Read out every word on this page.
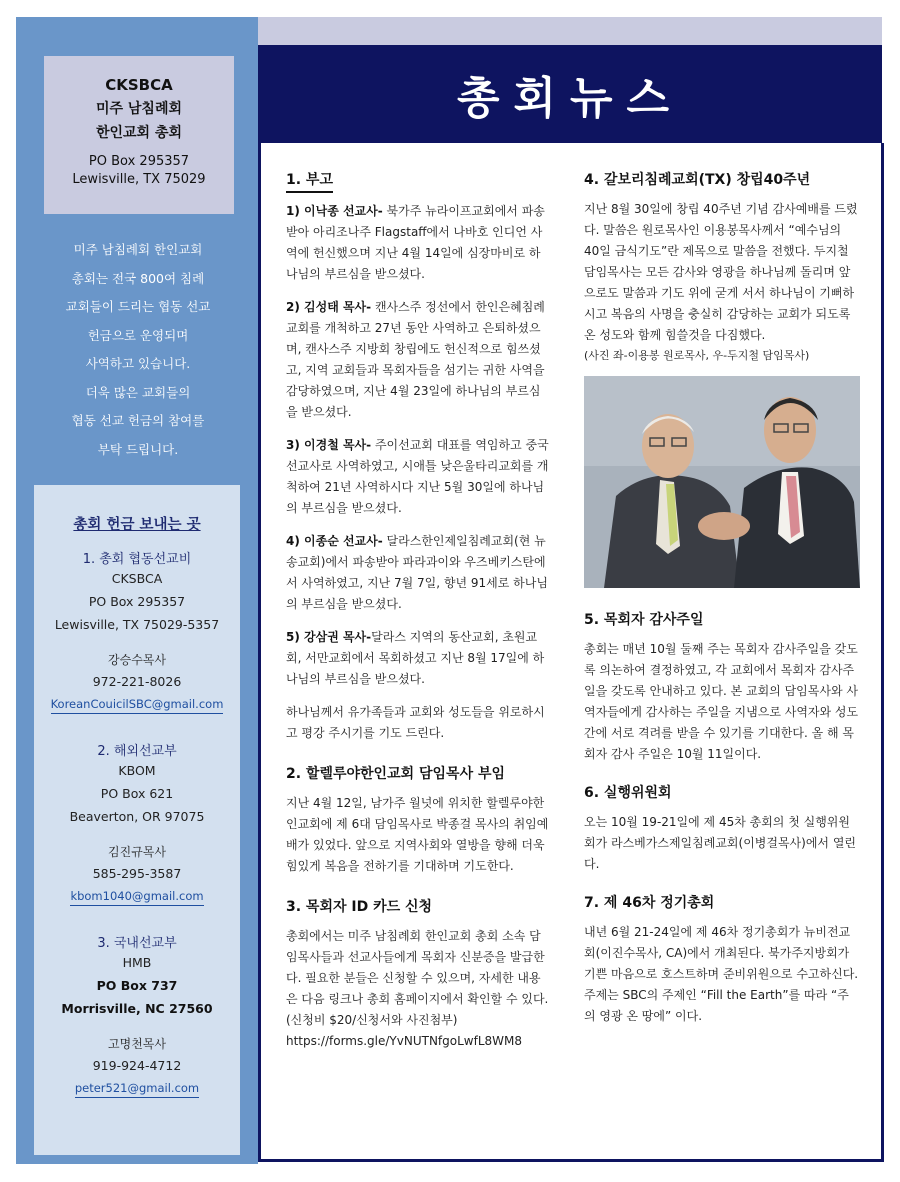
총회뉴스
CKSBCA
미주 남침례회
한인교회 총회
PO Box 295357
Lewisville, TX 75029
미주 남침례회 한인교회
총회는 전국 800여 침례
교회들이 드리는 협동 선교
헌금으로 운영되며
사역하고 있습니다.
더욱 많은 교회들의
협동 선교 헌금의 참여를
부탁 드립니다.
총회 헌금 보내는 곳
1. 총회 협동선교비
CKSBCA
PO Box 295357
Lewisville, TX 75029-5357
강승수목사
972-221-8026
KoreanCouicilSBC@gmail.com
2. 해외선교부
KBOM
PO Box 621
Beaverton, OR 97075
김진규목사
585-295-3587
kbom1040@gmail.com
3. 국내선교부
HMB
PO Box 737
Morrisville, NC 27560
고명천목사
919-924-4712
peter521@gmail.com
1. 부고

1) 이낙종 선교사- 북가주 뉴라이프교회에서 파송받아 아리조나주 Flagstaff에서 나바호 인디언 사역에 헌신했으며 지난 4월 14일에 심장마비로 하나님의 부르심을 받으셨다.

2) 김성태 목사- 캔사스주 정선에서 한인은혜침례교회를 개척하고 27년 동안 사역하고 은퇴하셨으며, 캔사스주 지방회 창립에도 헌신적으로 힘쓰셨고, 지역 교회들과 목회자들을 섬기는 귀한 사역을 감당하였으며, 지난 4월 23일에 하나님의 부르심을 받으셨다.

3) 이경철 목사- 주이선교회 대표를 역임하고 중국선교사로 사역하였고, 시애틀 낮은울타리교회를 개척하여 21년 사역하시다 지난 5월 30일에 하나님의 부르심을 받으셨다.

4) 이종순 선교사- 달라스한인제일침례교회(현 뉴송교회)에서 파송받아 파라과이와 우즈베키스탄에서 사역하였고, 지난 7월 7일, 향년 91세로 하나님의 부르심을 받으셨다.

5) 강삼권 목사-달라스 지역의 동산교회, 초원교회, 서만교회에서 목회하셨고 지난 8월 17일에 하나님의 부르심을 받으셨다.

하나님께서 유가족들과 교회와 성도들을 위로하시고 평강 주시기를 기도 드린다.

2. 할렐루야한인교회 담임목사 부임

지난 4월 12일, 남가주 월넛에 위치한 할렐루야한인교회에 제 6대 담임목사로 박종걸 목사의 취임예배가 있었다. 앞으로 지역사회와 열방을 향해 더욱 힘있게 복음을 전하기를 기대하며 기도한다.

3. 목회자 ID 카드 신청

총회에서는 미주 남침례회 한인교회 총회 소속 담임목사들과 선교사들에게 목회자 신분증을 발급한다. 필요한 분들은 신청할 수 있으며, 자세한 내용은 다음 링크나 총회 홈페이지에서 확인할 수 있다.(신청비 $20/신청서와 사진첨부) https://forms.gle/YvNUTNfgoLwfL8WM8

4. 갈보리침례교회(TX) 창립40주년

지난 8월 30일에 창립 40주년 기념 감사예배를 드렸다. 말씀은 원로목사인 이용봉목사께서 “예수님의 40일 금식기도”란 제목으로 말씀을 전했다. 두지철 담임목사는 모든 감사와 영광을 하나님께 돌리며 앞으로도 말씀과 기도 위에 굳게 서서 하나님이 기뻐하시고 복음의 사명을 충실히 감당하는 교회가 되도록 온 성도와 함께 힘쓸것을 다짐했다.

(사진 좌-이용봉 원로목사, 우-두지철 담임목사)
5. 목회자 감사주일

총회는 매년 10월 둘째 주는 목회자 감사주일을 갖도록 의논하여 결정하였고, 각 교회에서 목회자 감사주일을 갖도록 안내하고 있다. 본 교회의 담임목사와 사역자들에게 감사하는 주일을 지냄으로 사역자와 성도간에 서로 격려를 받을 수 있기를 기대한다. 올 해 목회자 감사 주일은 10월 11일이다.

6. 실행위원회

오는 10월 19-21일에 제 45차 총회의 첫 실행위원회가 라스베가스제일침례교회(이병걸목사)에서 열린다.

7. 제 46차 정기총회

내년 6월 21-24일에 제 46차 정기총회가 뉴비전교회(이진수목사, CA)에서 개최된다. 북가주지방회가 기쁜 마음으로 호스트하며 준비위원으로 수고하신다. 주제는 SBC의 주제인 “Fill the Earth”를 따라 “주의 영광 온 땅에” 이다.
